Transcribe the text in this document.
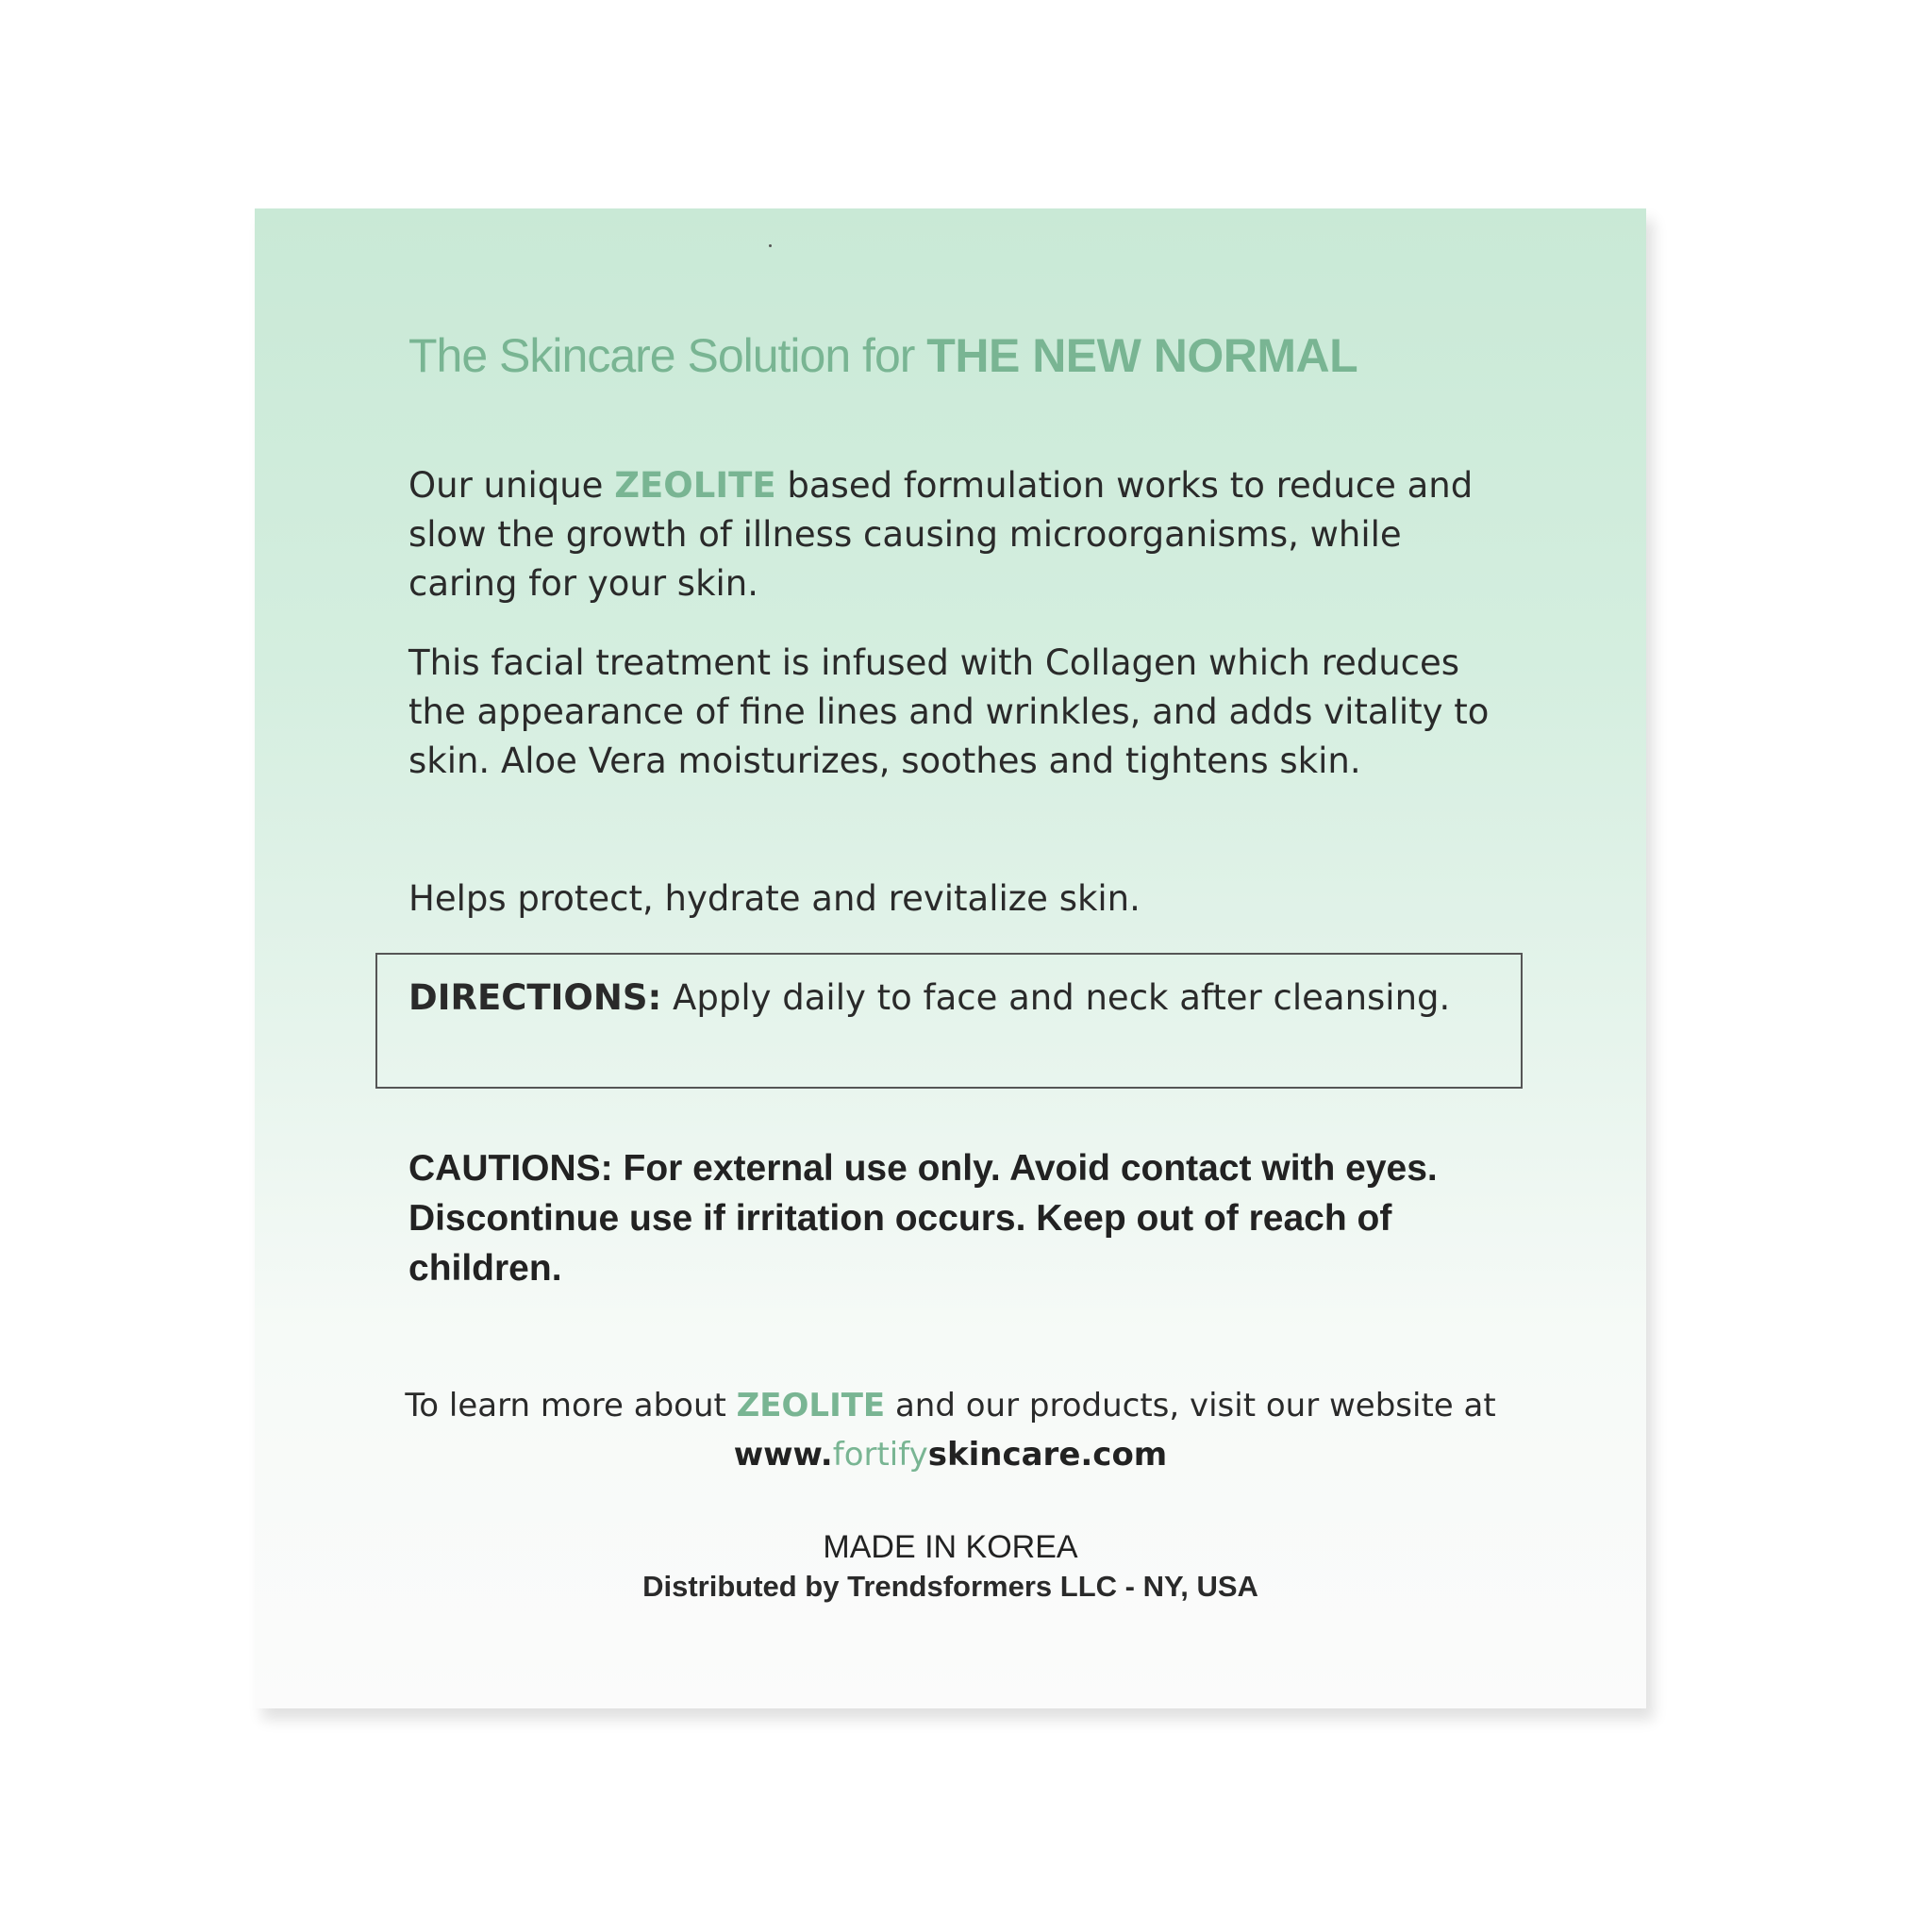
The Skincare Solution for THE NEW NORMAL

Our unique ZEOLITE based formulation works to reduce and slow the growth of illness causing microorganisms, while caring for your skin.

This facial treatment is infused with Collagen which reduces the appearance of fine lines and wrinkles, and adds vitality to skin. Aloe Vera moisturizes, soothes and tightens skin.

Helps protect, hydrate and revitalize skin.

DIRECTIONS: Apply daily to face and neck after cleansing.

CAUTIONS: For external use only. Avoid contact with eyes. Discontinue use if irritation occurs. Keep out of reach of children.

To learn more about ZEOLITE and our products, visit our website at www.fortifyskincare.com

MADE IN KOREA
Distributed by Trendsformers LLC - NY, USA
